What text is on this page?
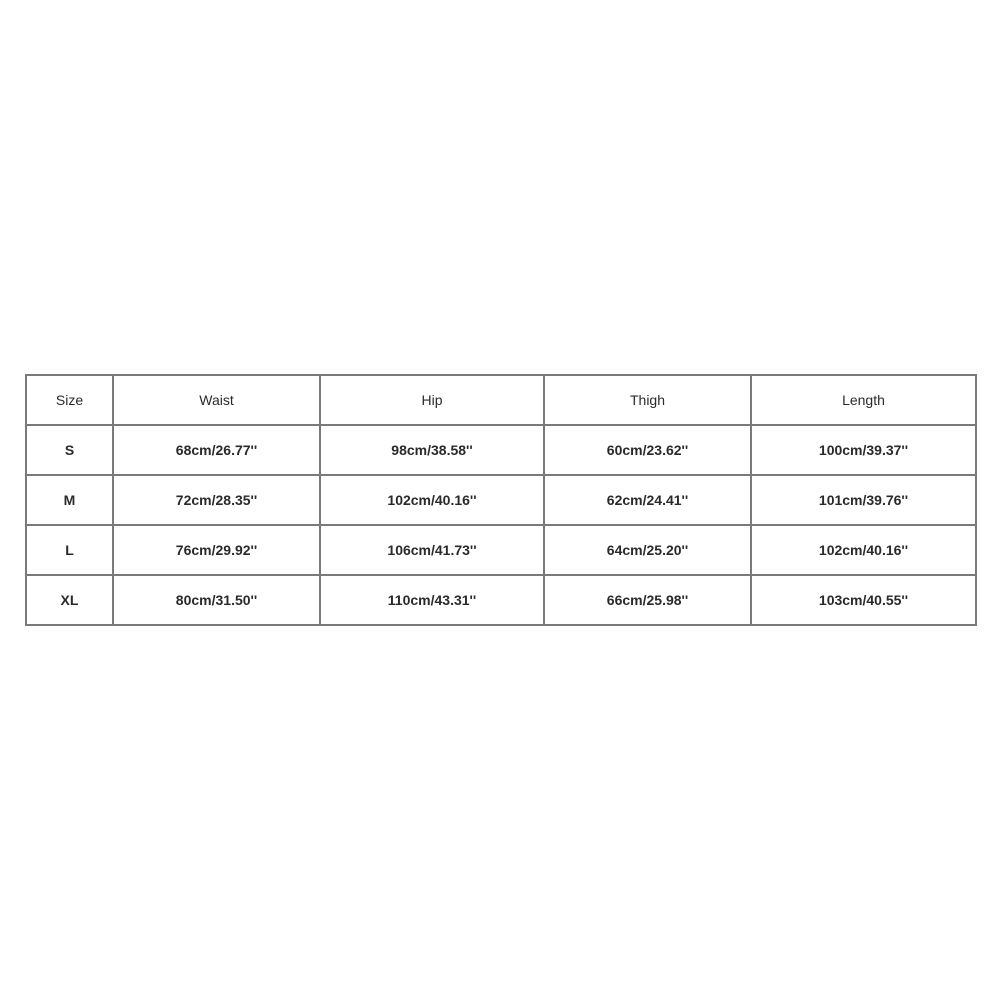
Size	Waist	Hip	Thigh	Length
S	68cm/26.77''	98cm/38.58''	60cm/23.62''	100cm/39.37''
M	72cm/28.35''	102cm/40.16''	62cm/24.41''	101cm/39.76''
L	76cm/29.92''	106cm/41.73''	64cm/25.20''	102cm/40.16''
XL	80cm/31.50''	110cm/43.31''	66cm/25.98''	103cm/40.55''
